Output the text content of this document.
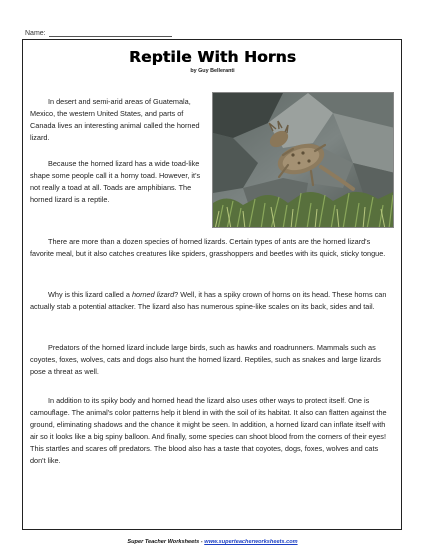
Name:
Reptile With Horns
by Guy Belleranti

In desert and semi-arid areas of Guatemala, Mexico, the western United States, and parts of Canada lives an interesting animal called the horned lizard.

Because the horned lizard has a wide toad-like shape some people call it a horny toad. However, it's not really a toad at all. Toads are amphibians. The horned lizard is a reptile.

There are more than a dozen species of horned lizards. Certain types of ants are the horned lizard's favorite meal, but it also catches creatures like spiders, grasshoppers and beetles with its quick, sticky tongue.

Why is this lizard called a horned lizard? Well, it has a spiky crown of horns on its head. These horns can actually stab a potential attacker. The lizard also has numerous spine-like scales on its back, sides and tail.

Predators of the horned lizard include large birds, such as hawks and roadrunners. Mammals such as coyotes, foxes, wolves, cats and dogs also hunt the horned lizard. Reptiles, such as snakes and large lizards pose a threat as well.

In addition to its spiky body and horned head the lizard also uses other ways to protect itself. One is camouflage. The animal's color patterns help it blend in with the soil of its habitat. It also can flatten against the ground, eliminating shadows and the chance it might be seen. In addition, a horned lizard can inflate itself with air so it looks like a big spiny balloon. And finally, some species can shoot blood from the corners of their eyes! This startles and scares off predators. The blood also has a taste that coyotes, dogs, foxes, wolves and cats don't like.

Super Teacher Worksheets - www.superteacherworksheets.com
